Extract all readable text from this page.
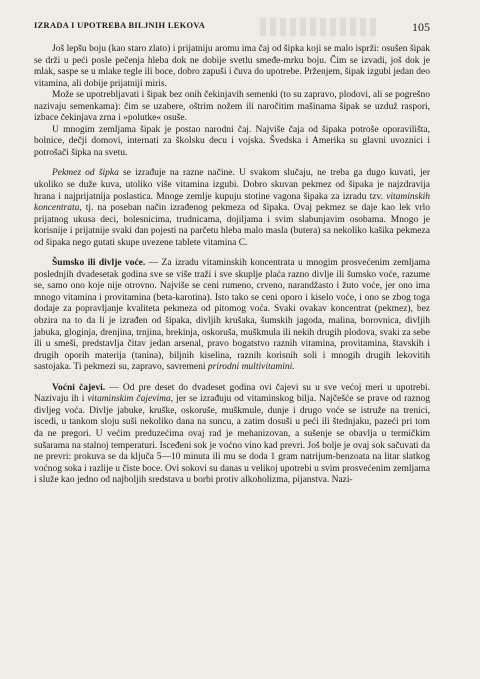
IZRADA I UPOTREBA BILJNIH LEKOVA	105

Još lepšu boju (kao staro zlato) i prijatniju aromu ima čaj od šipka koji se malo isprži: osušen šipak se drži u peći posle pečenja hleba dok ne dobije svetlu smeđe-mrku boju. Čim se izvadi, još dok je mlak, saspe se u mlake tegle ili boce, dobro zapuši i čuva do upotrebe. Prženjem, šipak izgubi jedan deo vitamina, ali dobije prijatniji miris.

Može se upotrebljavati i šipak bez onih čekinjavih semenki (to su zapravo, plodovi, ali se pogrešno nazivaju semenkama): čim se uzabere, oštrim nožem ili naročitim mašinama šipak se uzduž raspori, izbace čekinjava zrna i »polutke« osuše.

U mnogim zemljama šipak je postao narodni čaj. Najviše čaja od šipaka potroše oporavilišta, bolnice, dečji domovi, internati za školsku decu i vojska. Švedska i Amerika su glavni uvoznici i potrošači šipka na svetu.

Pekmez od šipka se izrađuje na razne načine. U svakom slučaju, ne treba ga dugo kuvati, jer ukoliko se duže kuva, utoliko više vitamina izgubi. Dobro skuvan pekmez od šipaka je najzdravija hrana i najprijatnija poslastica. Mnoge zemlje kupuju stotine vagona šipaka za izradu tzv. vitaminskih koncentrata, tj. na poseban način izrađenog pekmeza od šipaka. Ovaj pekmez se daje kao lek vrlo prijatnog ukusa deci, bolesnicima, trudnicama, dojiljama i svim slabunjavim osobama. Mnogo je korisnije i prijatnije svaki dan pojesti na parčetu hleba malo masla (butera) sa nekoliko kašika pekmeza od šipaka nego gutati skupe uvezene tablete vitamina C.

Šumsko ili divlje voće. — Za izradu vitaminskih koncentrata u mnogim prosvećenim zemljama poslednjih dvadesetak godina sve se više traži i sve skuplje plaća razno divlje ili šumsko voće, razume se, samo ono koje nije otrovno. Najviše se ceni rumeno, crveno, narandžasto i žuto voće, jer ono ima mnogo vitamina i provitamina (beta-karotina). Isto tako se ceni oporo i kiselo voće, i ono se zbog toga dodaje za popravljanje kvaliteta pekmeza od pitomog voća. Svaki ovakav koncentrat (pekmez), bez obzira na to da li je izrađen od šipaka, divljih krušaka, šumskih jagoda, malina, borovnica, divljih jabuka, gloginja, drenjina, trnjina, brekinja, oskoruša, muškmula ili nekih drugih plodova, svaki za sebe ili u smeši, predstavlja čitav jedan arsenal, pravo bogatstvo raznih vitamina, provitamina, štavskih i drugih oporih materija (tanina), biljnih kiselina, raznih korisnih soli i mnogih drugih lekovitih sastojaka. Ti pekmezi su, zapravo, savremeni prirodni multivitamini.

Voćni čajevi. — Od pre deset do dvadeset godina ovi čajevi su u sve većoj meri u upotrebi. Nazivaju ih i vitaminskim čajevima, jer se izrađuju od vitaminskog bilja. Najčešće se prave od raznog divljeg voća. Divlje jabuke, kruške, oskoruše, muškmule, dunje i drugo voće se istruže na trenici, iscedi, u tankom sloju suši nekoliko dana na suncu, a zatim dosuši u peći ili štednjaku, pazeći pri tom da ne pregori. U većim preduzećima ovaj rad je mehanizovan, a sušenje se obavlja u termičkim sušarama na stalnoj temperaturi. Isceđeni sok je voćno vino kad prevri. Još bolje je ovaj sok sačuvati da ne prevri: prokuva se da ključa 5—10 minuta ili mu se doda 1 gram natrijum-benzoata na litar slatkog voćnog soka i razlije u čiste boce. Ovi sokovi su danas u velikoj upotrebi u svim prosvećenim zemljama i služe kao jedno od najboljih sredstava u borbi protiv alkoholizma, pijanstva. Nazi-
